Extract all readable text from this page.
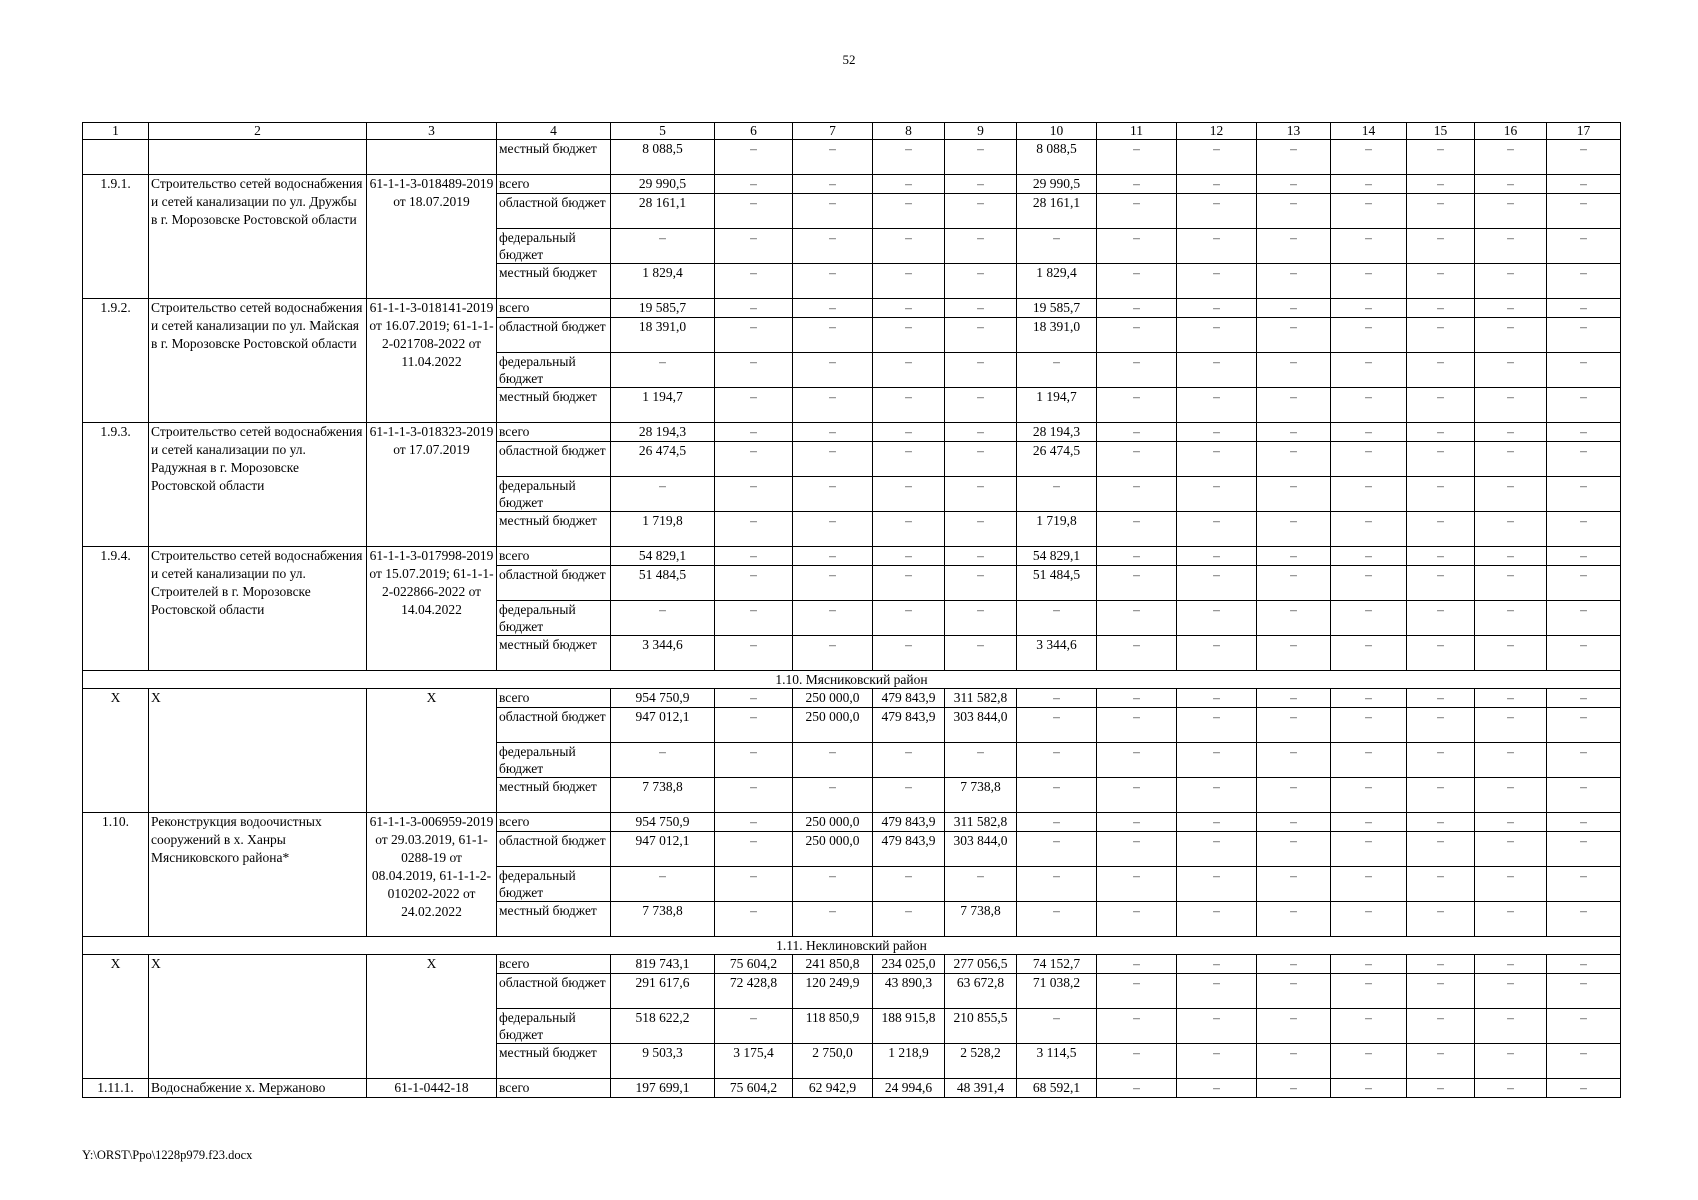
52
1	2	3	4	5	6	7	8	9	10	11	12	13	14	15	16	17
			местный бюджет	8 088,5	–	–	–	–	8 088,5	–	–	–	–	–	–	–
1.9.1.	Строительство сетей водоснабжения и сетей канализации по ул. Дружбы в г. Морозовске Ростовской области	61-1-1-3-018489-2019 от 18.07.2019	всего	29 990,5	–	–	–	–	29 990,5	–	–	–	–	–	–	–
			областной бюджет	28 161,1	–	–	–	–	28 161,1	–	–	–	–	–	–	–
			федеральный бюджет	–	–	–	–	–	–	–	–	–	–	–	–	–
			местный бюджет	1 829,4	–	–	–	–	1 829,4	–	–	–	–	–	–	–
1.9.2.	Строительство сетей водоснабжения и сетей канализации по ул. Майская в г. Морозовске Ростовской области	61-1-1-3-018141-2019 от 16.07.2019; 61-1-1-2-021708-2022 от 11.04.2022	всего	19 585,7	–	–	–	–	19 585,7	–	–	–	–	–	–	–
			областной бюджет	18 391,0	–	–	–	–	18 391,0	–	–	–	–	–	–	–
			федеральный бюджет	–	–	–	–	–	–	–	–	–	–	–	–	–
			местный бюджет	1 194,7	–	–	–	–	1 194,7	–	–	–	–	–	–	–
1.9.3.	Строительство сетей водоснабжения и сетей канализации по ул. Радужная в г. Морозовске Ростовской области	61-1-1-3-018323-2019 от 17.07.2019	всего	28 194,3	–	–	–	–	28 194,3	–	–	–	–	–	–	–
			областной бюджет	26 474,5	–	–	–	–	26 474,5	–	–	–	–	–	–	–
			федеральный бюджет	–	–	–	–	–	–	–	–	–	–	–	–	–
			местный бюджет	1 719,8	–	–	–	–	1 719,8	–	–	–	–	–	–	–
1.9.4.	Строительство сетей водоснабжения и сетей канализации по ул. Строителей в г. Морозовске Ростовской области	61-1-1-3-017998-2019 от 15.07.2019; 61-1-1-2-022866-2022 от 14.04.2022	всего	54 829,1	–	–	–	–	54 829,1	–	–	–	–	–	–	–
			областной бюджет	51 484,5	–	–	–	–	51 484,5	–	–	–	–	–	–	–
			федеральный бюджет	–	–	–	–	–	–	–	–	–	–	–	–	–
			местный бюджет	3 344,6	–	–	–	–	3 344,6	–	–	–	–	–	–	–
1.10. Мясниковский район																
X	X	X	всего	954 750,9	–	250 000,0	479 843,9	311 582,8	–	–	–	–	–	–	–	–
			областной бюджет	947 012,1	–	250 000,0	479 843,9	303 844,0	–	–	–	–	–	–	–	–
			федеральный бюджет	–	–	–	–	–	–	–	–	–	–	–	–	–
			местный бюджет	7 738,8	–	–	–	7 738,8	–	–	–	–	–	–	–	–
1.10.	Реконструкция водоочистных сооружений в х. Ханры Мясниковского района*	61-1-1-3-006959-2019 от 29.03.2019, 61-1-0288-19 от 08.04.2019, 61-1-1-2-010202-2022 от 24.02.2022	всего	954 750,9	–	250 000,0	479 843,9	311 582,8	–	–	–	–	–	–	–	–
			областной бюджет	947 012,1	–	250 000,0	479 843,9	303 844,0	–	–	–	–	–	–	–	–
			федеральный бюджет	–	–	–	–	–	–	–	–	–	–	–	–	–
			местный бюджет	7 738,8	–	–	–	7 738,8	–	–	–	–	–	–	–	–
1.11. Неклиновский район																
X	X	X	всего	819 743,1	75 604,2	241 850,8	234 025,0	277 056,5	74 152,7	–	–	–	–	–	–	–
			областной бюджет	291 617,6	72 428,8	120 249,9	43 890,3	63 672,8	71 038,2	–	–	–	–	–	–	–
			федеральный бюджет	518 622,2	–	118 850,9	188 915,8	210 855,5	–	–	–	–	–	–	–	–
			местный бюджет	9 503,3	3 175,4	2 750,0	1 218,9	2 528,2	3 114,5	–	–	–	–	–	–	–
1.11.1.	Водоснабжение х. Мержаново	61-1-0442-18	всего	197 699,1	75 604,2	62 942,9	24 994,6	48 391,4	68 592,1	–	–	–	–	–	–	–
Y:\ORST\Ppo\1228p979.f23.docx
